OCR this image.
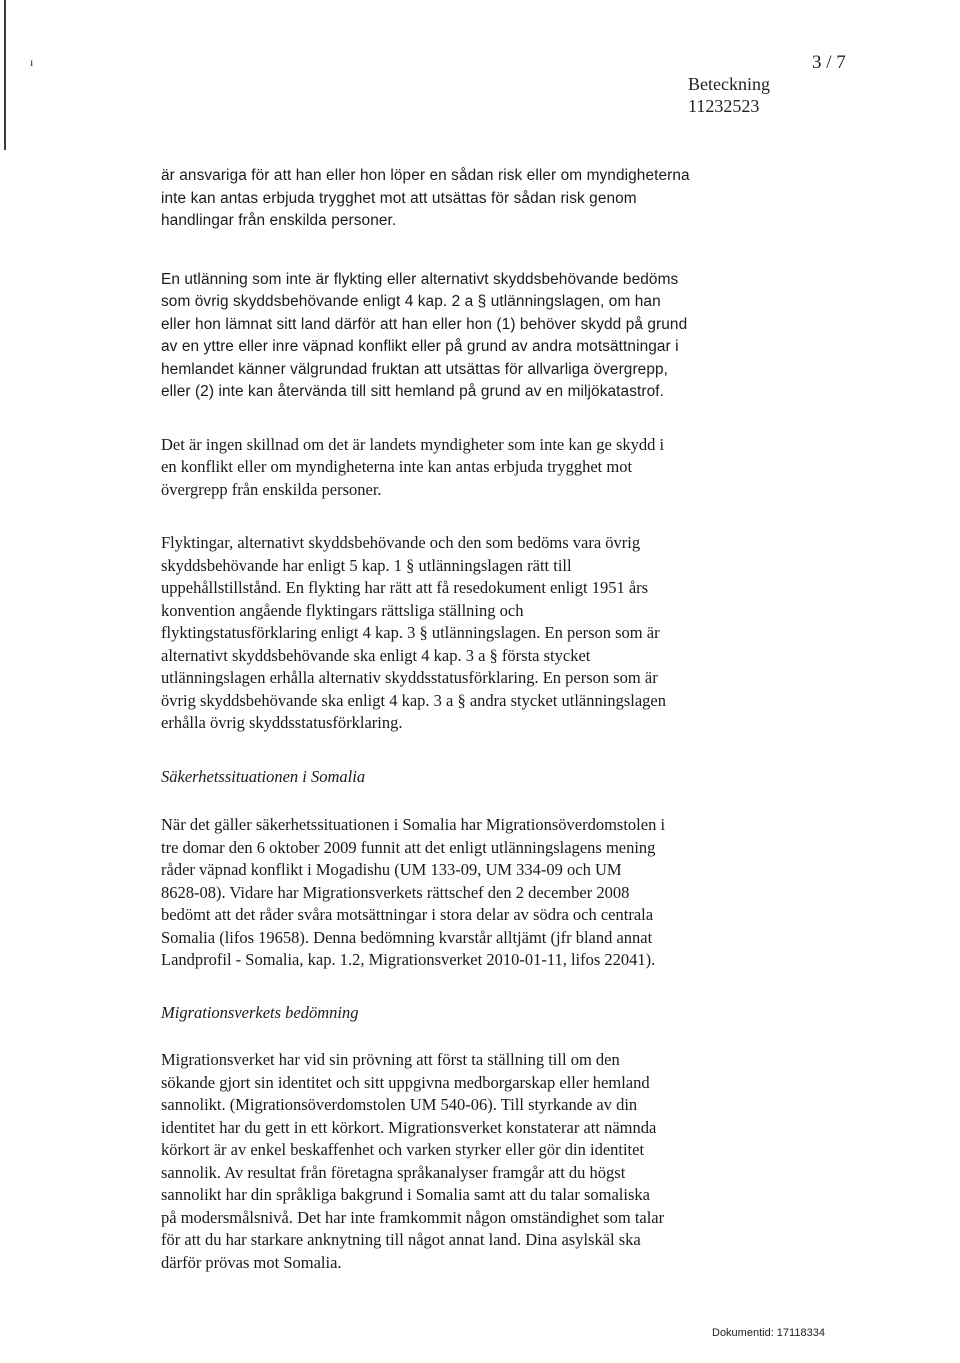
ı	3 / 7
Beteckning
11232523

är ansvariga för att han eller hon löper en sådan risk eller om myndigheterna

inte kan antas erbjuda trygghet mot att utsättas för sådan risk genom

handlingar från enskilda personer.

En utlänning som inte är flykting eller alternativt skyddsbehövande bedöms

som övrig skyddsbehövande enligt 4 kap. 2 a § utlänningslagen, om han

eller hon lämnat sitt land därför att han eller hon (1) behöver skydd på grund

av en yttre eller inre väpnad konflikt eller på grund av andra motsättningar i

hemlandet känner välgrundad fruktan att utsättas för allvarliga övergrepp,

eller (2) inte kan återvända till sitt hemland på grund av en miljökatastrof.

Det är ingen skillnad om det är landets myndigheter som inte kan ge skydd i

en konflikt eller om myndigheterna inte kan antas erbjuda trygghet mot

övergrepp från enskilda personer.

Flyktingar, alternativt skyddsbehövande och den som bedöms vara övrig

skyddsbehövande har enligt 5 kap. 1 § utlänningslagen rätt till

uppehållstillstånd. En flykting har rätt att få resedokument enligt 1951 års

konvention angående flyktingars rättsliga ställning och

flyktingstatusförklaring enligt 4 kap. 3 § utlänningslagen. En person som är

alternativt skyddsbehövande ska enligt 4 kap. 3 a § första stycket

utlänningslagen erhålla alternativ skyddsstatusförklaring. En person som är

övrig skyddsbehövande ska enligt 4 kap. 3 a § andra stycket utlänningslagen

erhålla övrig skyddsstatusförklaring.

Säkerhetssituationen i Somalia

När det gäller säkerhetssituationen i Somalia har Migrationsöverdomstolen i

tre domar den 6 oktober 2009 funnit att det enligt utlänningslagens mening

råder väpnad konflikt i Mogadishu (UM 133-09, UM 334-09 och UM

8628-08). Vidare har Migrationsverkets rättschef den 2 december 2008

bedömt att det råder svåra motsättningar i stora delar av södra och centrala

Somalia (lifos 19658). Denna bedömning kvarstår alltjämt (jfr bland annat

Landprofil - Somalia, kap. 1.2, Migrationsverket 2010-01-11, lifos 22041).

Migrationsverkets bedömning

Migrationsverket har vid sin prövning att först ta ställning till om den

sökande gjort sin identitet och sitt uppgivna medborgarskap eller hemland

sannolikt. (Migrationsöverdomstolen UM 540-06). Till styrkande av din

identitet har du gett in ett körkort. Migrationsverket konstaterar att nämnda

körkort är av enkel beskaffenhet och varken styrker eller gör din identitet

sannolik. Av resultat från företagna språkanalyser framgår att du högst

sannolikt har din språkliga bakgrund i Somalia samt att du talar somaliska

på modersmålsnivå. Det har inte framkommit någon omständighet som talar

för att du har starkare anknytning till något annat land. Dina asylskäl ska

därför prövas mot Somalia.

Dokumentid: 17118334
